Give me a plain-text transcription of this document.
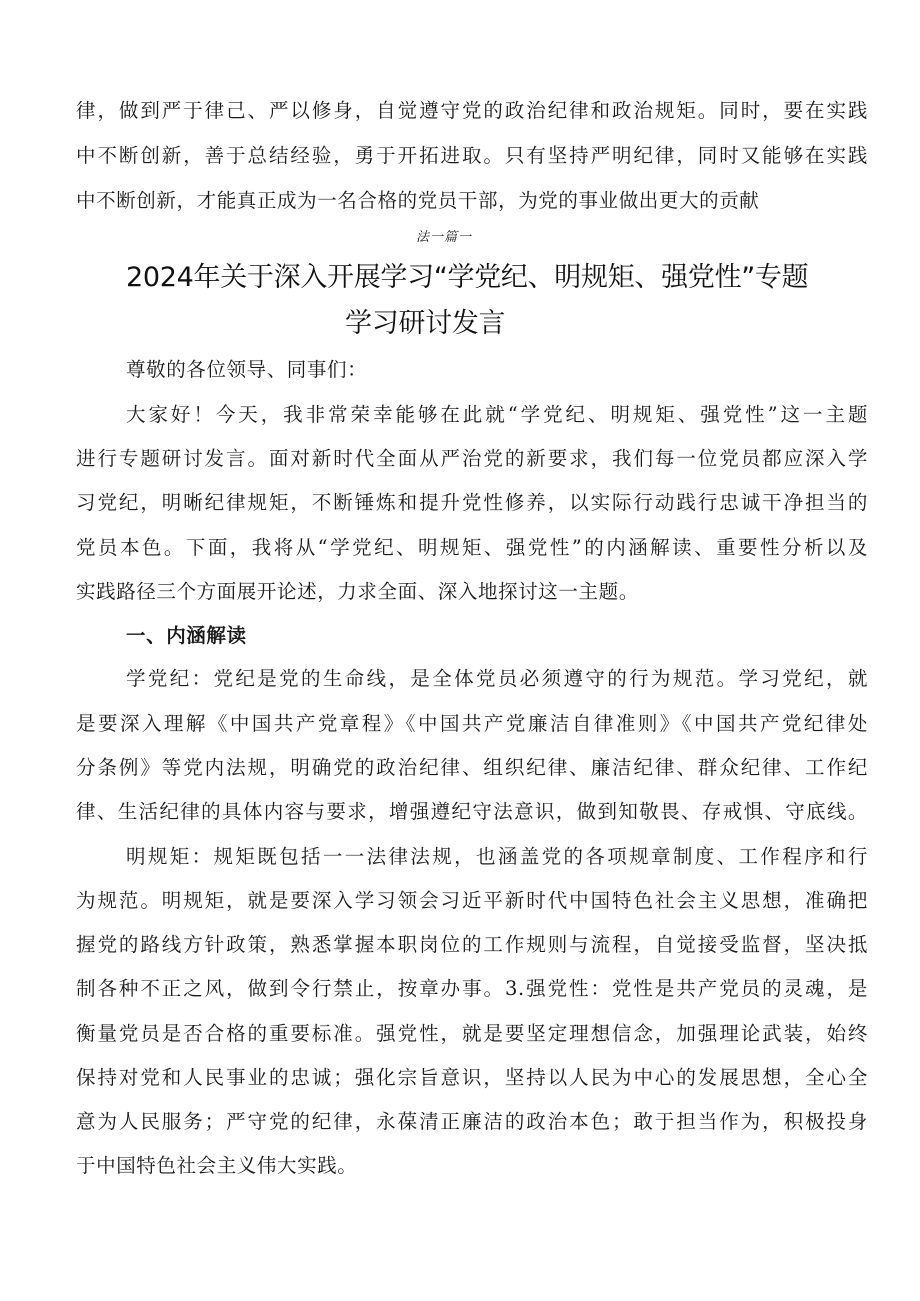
律，做到严于律己、严以修身，自觉遵守党的政治纪律和政治规矩。同时，要在实践
中不断创新，善于总结经验，勇于开拓进取。只有坚持严明纪律，同时又能够在实践
中不断创新，才能真正成为一名合格的党员干部，为党的事业做出更大的贡献
法一篇一
2024年关于深入开展学习“学党纪、明规矩、强党性”专题
学习研讨发言
尊敬的各位领导、同事们：
大家好！今天，我非常荣幸能够在此就“学党纪、明规矩、强党性”这一主题
进行专题研讨发言。面对新时代全面从严治党的新要求，我们每一位党员都应深入学
习党纪，明晰纪律规矩，不断锤炼和提升党性修养，以实际行动践行忠诚干净担当的
党员本色。下面，我将从“学党纪、明规矩、强党性”的内涵解读、重要性分析以及
实践路径三个方面展开论述，力求全面、深入地探讨这一主题。
一、内涵解读
学党纪：党纪是党的生命线，是全体党员必须遵守的行为规范。学习党纪，就
是要深入理解《中国共产党章程》《中国共产党廉洁自律准则》《中国共产党纪律处
分条例》等党内法规，明确党的政治纪律、组织纪律、廉洁纪律、群众纪律、工作纪
律、生活纪律的具体内容与要求，增强遵纪守法意识，做到知敬畏、存戒惧、守底线。
明规矩：规矩既包括一一法律法规，也涵盖党的各项规章制度、工作程序和行
为规范。明规矩，就是要深入学习领会习近平新时代中国特色社会主义思想，准确把
握党的路线方针政策，熟悉掌握本职岗位的工作规则与流程，自觉接受监督，坚决抵
制各种不正之风，做到令行禁止，按章办事。3.强党性：党性是共产党员的灵魂，是
衡量党员是否合格的重要标准。强党性，就是要坚定理想信念，加强理论武装，始终
保持对党和人民事业的忠诚；强化宗旨意识，坚持以人民为中心的发展思想，全心全
意为人民服务；严守党的纪律，永葆清正廉洁的政治本色；敢于担当作为，积极投身
于中国特色社会主义伟大实践。
